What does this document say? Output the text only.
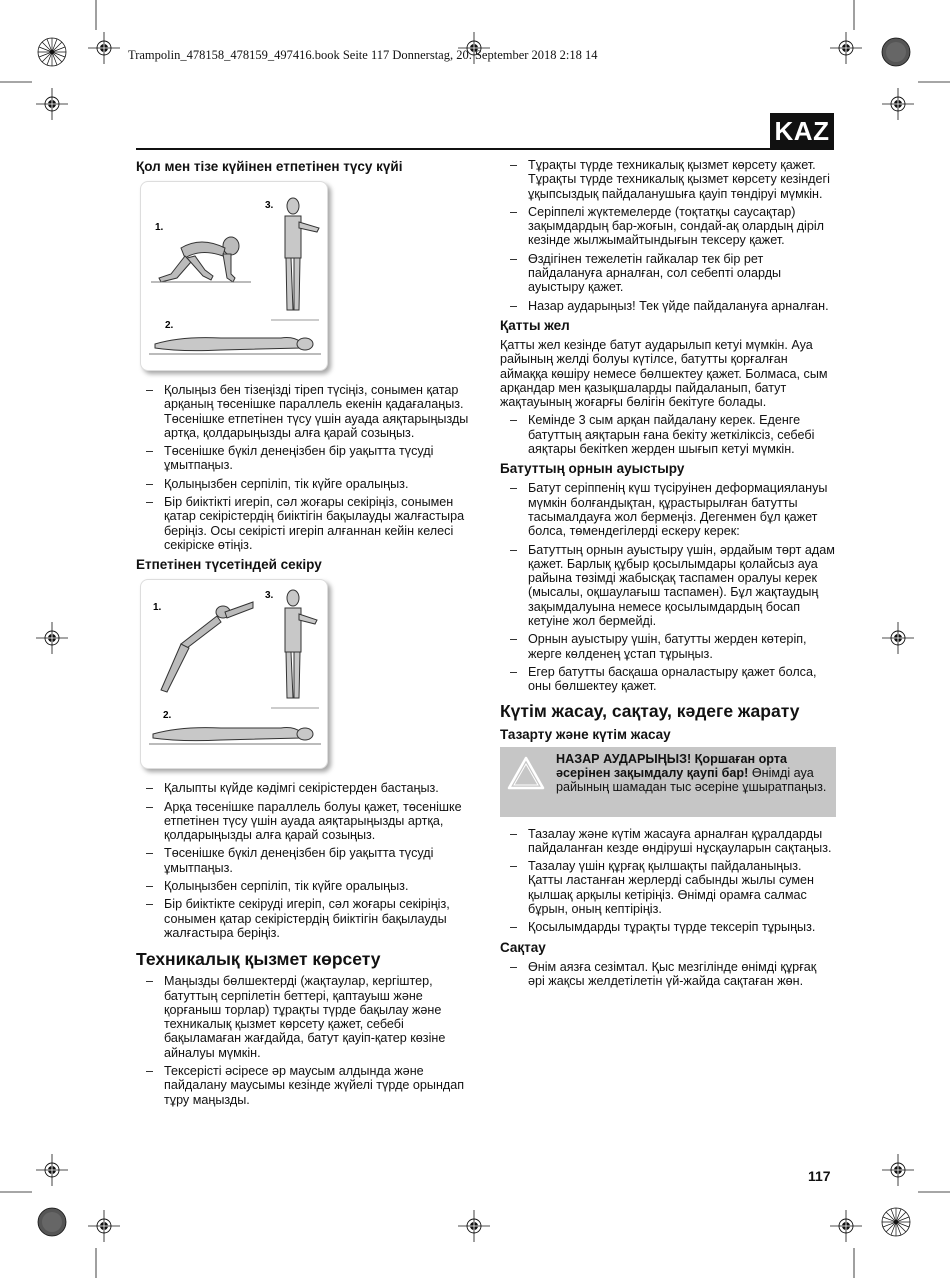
Trampolin_478158_478159_497416.book Seite 117 Donnerstag, 20. September 2018 2:18 14
KAZ
Қол мен тізе күйінен етпетінен түсу күйі
1.
3.
2.
– Қолыңыз бен тізеңізді тіреп түсіңіз, сонымен қатар арқаның төсенішке параллель екенін қадағалаңыз. Төсенішке етпетінен түсу үшін ауада аяқтарыңызды артқа, қолдарыңызды алға қарай созыңыз.
– Төсенішке бүкіл денеңізбен бір уақытта түсуді ұмытпаңыз.
– Қолыңызбен серпіліп, тік күйге оралыңыз.
– Бір биіктікті игеріп, сәл жоғары секіріңіз, сонымен қатар секірістердің биіктігін бақылауды жалғастыра беріңіз. Осы секірісті игеріп алғаннан кейін келесі секіріске өтіңіз.
Етпетінен түсетіндей секіру
1.
3.
2.
– Қалыпты күйде кәдімгі секірістерден бастаңыз.
– Арқа төсенішке параллель болуы қажет, төсенішке етпетінен түсу үшін ауада аяқтарыңызды артқа, қолдарыңызды алға қарай созыңыз.
– Төсенішке бүкіл денеңізбен бір уақытта түсуді ұмытпаңыз.
– Қолыңызбен серпіліп, тік күйге оралыңыз.
– Бір биіктікте секіруді игеріп, сәл жоғары секіріңіз, сонымен қатар секірістердің биіктігін бақылауды жалғастыра беріңіз.
Техникалық қызмет көрсету
– Маңызды бөлшектерді (жақтаулар, кергіштер, батуттың серпілетін беттері, қаптауыш және қорғаныш торлар) тұрақты түрде бақылау және техникалық қызмет көрсету қажет, себебі бақыламаған жағдайда, батут қауіп-қатер көзіне айналуы мүмкін.
– Тексерісті әсіресе әр маусым алдында және пайдалану маусымы кезінде жүйелі түрде орындап тұру маңызды.
– Тұрақты түрде техникалық қызмет көрсету қажет. Тұрақты түрде техникалық қызмет көрсету кезіндегі ұқыпсыздық пайдаланушыға қауіп төндіруі мүмкін.
– Серіппелі жүктемелерде (тоқтатқы саусақтар) зақымдардың бар-жоғын, сондай-ақ олардың діріл кезінде жылжымайтындығын тексеру қажет.
– Өздігінен тежелетін гайкалар тек бір рет пайдалануға арналған, сол себепті оларды ауыстыру қажет.
– Назар аударыңыз! Тек үйде пайдалануға арналған.
Қатты жел

Қатты жел кезінде батут аударылып кетуі мүмкін. Ауа райының желді болуы күтілсе, батутты қорғалған аймаққа көшіру немесе бөлшектеу қажет. Болмаса, сым арқандар мен қазықшаларды пайдаланып, батут жақтауының жоғарғы бөлігін бекітуге болады.

– Кемінде 3 сым арқан пайдалану керек. Еденге батуттың аяқтарын ғана бекіту жеткіліксіз, себебі аяқтары бекітken жерден шығып кетуі мүмкін.
Батуттың орнын ауыстыру
– Батут серіппенің күш түсіруінен деформациялануы мүмкін болғандықтан, құрастырылған батутты тасымалдауға жол бермеңіз. Дегенмен бұл қажет болса, төмендегілерді ескеру керек:
– Батуттың орнын ауыстыру үшін, әрдайым төрт адам қажет. Барлық құбыр қосылымдары қолайсыз ауа райына төзімді жабысқақ таспамен оралуы керек (мысалы, оқшаулағыш таспамен). Бұл жақтаудың зақымдалуына немесе қосылымдардың босап кетуіне жол бермейді.
– Орнын ауыстыру үшін, батутты жерден көтеріп, жерге көлденең ұстап тұрыңыз.
– Егер батутты басқаша орналастыру қажет болса, оны бөлшектеу қажет.
Күтім жасау, сақтау, кәдеге жарату
Тазарту және күтім жасау
НАЗАР АУДАРЫҢЫЗ! Қоршаған орта әсерінен зақымдалу қаупі бар! Өнімді ауа райының шамадан тыс әсеріне ұшыратпаңыз.
– Тазалау және күтім жасауға арналған құралдарды пайдаланған кезде өндіруші нұсқауларын сақтаңыз.
– Тазалау үшін құрғақ қылшақты пайдаланыңыз. Қатты ластанған жерлерді сабынды жылы сумен қылшақ арқылы кетіріңіз. Өнімді орамға салмас бұрын, оның кептіріңіз.
– Қосылымдарды тұрақты түрде тексеріп тұрыңыз.
Сақтау
– Өнім аязға сезімтал. Қыс мезгілінде өнімді құрғақ әрі жақсы желдетілетін үй-жайда сақтаған жөн.
117
